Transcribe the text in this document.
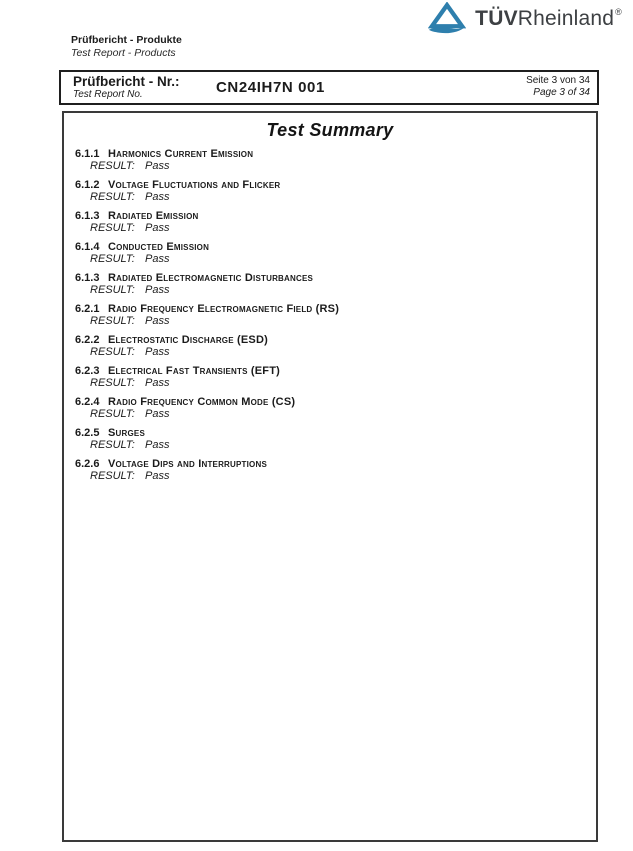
Prüfbericht - Produkte
Test Report - Products
TÜVRheinland®
Prüfbericht - Nr.:
Test Report No.	CN24IH7N 001	Seite 3 von 34
Page 3 of 34
Test Summary
6.1.1 Harmonics Current Emission
RESULT: Pass
6.1.2 Voltage Fluctuations and Flicker
RESULT: Pass
6.1.3 Radiated Emission
RESULT: Pass
6.1.4 Conducted Emission
RESULT: Pass
6.1.3 Radiated Electromagnetic Disturbances
RESULT: Pass
6.2.1 Radio Frequency Electromagnetic Field (RS)
RESULT: Pass
6.2.2 Electrostatic Discharge (ESD)
RESULT: Pass
6.2.3 Electrical Fast Transients (EFT)
RESULT: Pass
6.2.4 Radio Frequency Common Mode (CS)
RESULT: Pass
6.2.5 Surges
RESULT: Pass
6.2.6 Voltage Dips and Interruptions
RESULT: Pass
